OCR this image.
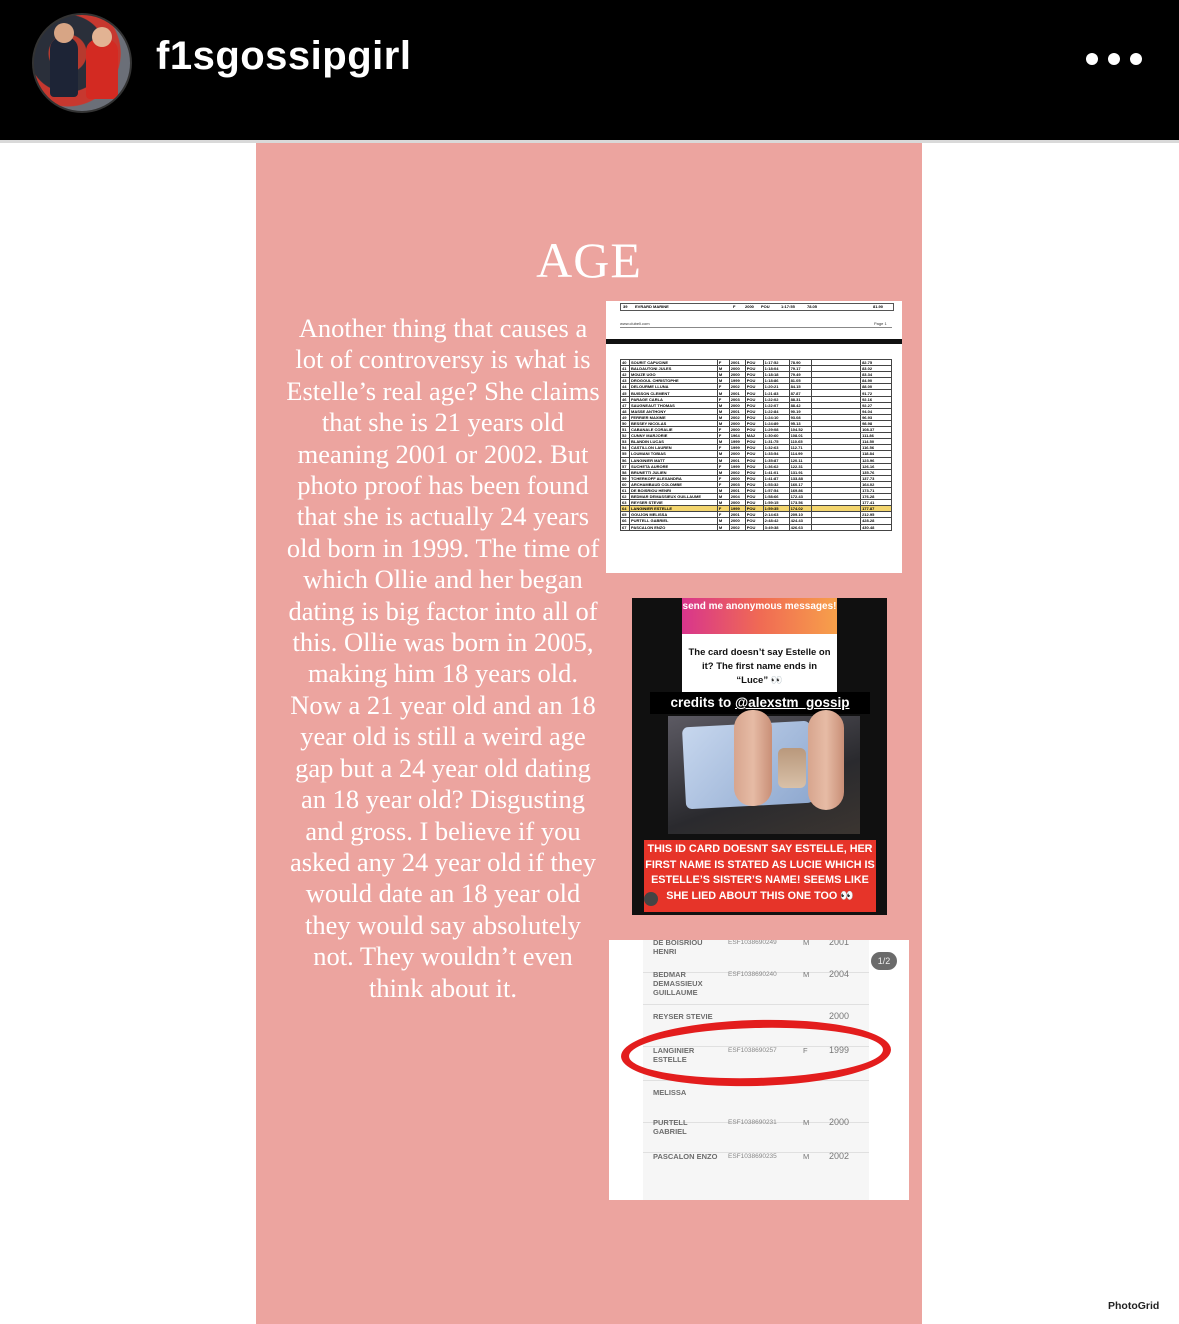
f1sgossipgirl
AGE
Another thing that causes a lot of controversy is what is Estelle’s real age? She claims that she is 21 years old meaning 2001 or 2002. But photo proof has been found that she is actually 24 years old born in 1999. The time of which Ollie and her began dating is big factor into all of this. Ollie was born in 2005, making him 18 years old. Now a 21 year old and an 18 year old is still a weird age gap but a 24 year old dating an 18 year old? Disgusting and gross. I believe if you asked any 24 year old if they would date an 18 year old they would say absolutely not. They wouldn’t even think about it.
39 EVRARD MARINE	F 2000 POU	1:17:55	78.05	81.90
www.clubeli.com	Page 1
40	SOURIT CAPUCINE	F	2001	POU	1:17:52	78.90		82.75
41	BALDAUTONI JULES	M	2000	POU	1:18:04	79.17		83.02
42	MOUZE UGO	M	2000	POU	1:18:18	79.49		83.34
43	DROGOUL CHRISTOPHE	M	1999	POU	1:18:86	81.05		84.90
44	DELOURME LLUNA	F	2002	POU	1:20:21	84.15		88.00
45	BUISSON CLEMENT	M	2001	POU	1:21:83	87.87		91.72
46	PARAGE CARLA	F	2003	POU	1:22:02	88.31		92.16
47	SAUGNEAUT THOMAS	M	2000	POU	1:22:07	88.42		92.27
48	MASSE ANTHONY	M	2001	POU	1:22:84	90.19		94.04
49	FERRIER MAXIME	M	2002	POU	1:24:10	93.08		96.93
50	BESSEY NICOLAS	M	2000	POU	1:24:89	95.13		98.98
51	CABANALE CORALIE	F	2000	POU	1:29:08	104.52		108.37
52	CUNNY MARJORIE	F	1964	MA2	1:30:60	108.01		111.86
53	BLANDIN LUCAS	M	1999	POU	1:31:75	110.65		114.50
54	CASTILLON LAUREN	F	1999	POU	1:32:63	112.71		116.56
55	LOUMANI TOBIAS	M	2000	POU	1:33:54	114.99		118.84
56	LANGINIER MATT	M	2001	POU	1:35:87	120.11		123.96
57	SUCHETA AURORE	F	1999	POU	1:36:62	122.31		126.16
58	BRUNETTI JULIEN	M	2002	POU	1:41:01	131.91		135.76
59	TCHERKOFF ALEXANDRA	F	2000	POU	1:41:87	133.88		137.73
60	ARCHAMBAUD COLOMBE	F	2003	POU	1:53:32	160.17		164.02
61	DE BOISRIOU HENRI	M	2001	POU	1:57:54	169.86		173.71
62	BEDMAR DEMASSIEUX GUILLAUME	M	2004	POU	1:58:66	172.43		176.28
63	REYSER STEVIE	M	2000	POU	1:59:15	173.56		177.41
64	LANGINIER ESTELLE	F	1999	POU	1:59:35	174.02		177.87
65	GOUJON MELISSA	F	2001	POU	2:14:63	209.10		212.95
66	PURTELL GABRIEL	M	2000	POU	2:48:42	424.43		428.28
67	PASCALON ENZO	M	2002	POU	3:49:38	426.63		430.48
send me anonymous messages!
The card doesn’t say Estelle on it? The first name ends in “Luce” 👀
credits to @alexstm_gossip
THIS ID CARD DOESNT SAY ESTELLE, HER FIRST NAME IS STATED AS LUCIE WHICH IS ESTELLE’S SISTER’S NAME! SEEMS LIKE SHE LIED ABOUT THIS ONE TOO 👀
1/2
DE BOISRIOU HENRI
ESF1038690249	M 2001
BEDMAR DEMASSIEUX GUILLAUME
ESF1038690240	M 2004
REYSER STEVIE	2000
LANGINIER ESTELLE
ESF1038690257	F 1999
MELISSA
PURTELL GABRIEL
ESF1038690231	M 2000
PASCALON ENZO ESF1038690235	M 2002
PhotoGrid
